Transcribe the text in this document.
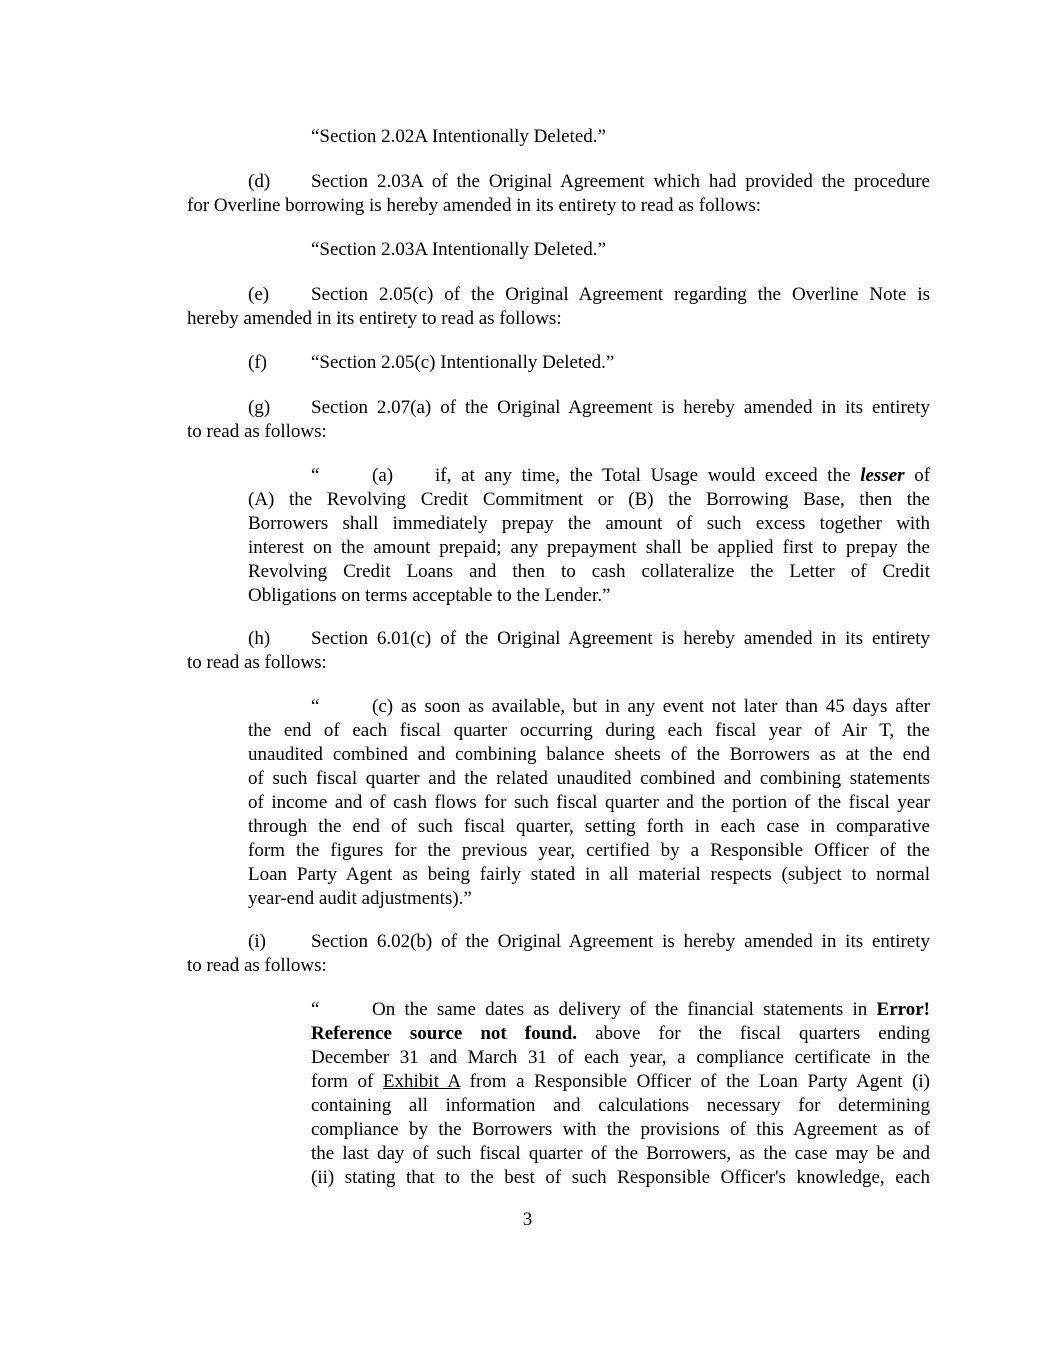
“Section 2.02A Intentionally Deleted.”
(d) Section 2.03A of the Original Agreement which had provided the procedure
for Overline borrowing is hereby amended in its entirety to read as follows:
“Section 2.03A Intentionally Deleted.”
(e) Section 2.05(c) of the Original Agreement regarding the Overline Note is
hereby amended in its entirety to read as follows:
(f) “Section 2.05(c) Intentionally Deleted.”
(g) Section 2.07(a) of the Original Agreement is hereby amended in its entirety
to read as follows:
“	(a) if, at any time, the Total Usage would exceed the lesser of
(A) the Revolving Credit Commitment or (B) the Borrowing Base, then the
Borrowers shall immediately prepay the amount of such excess together with
interest on the amount prepaid; any prepayment shall be applied first to prepay the
Revolving Credit Loans and then to cash collateralize the Letter of Credit
Obligations on terms acceptable to the Lender.”
(h) Section 6.01(c) of the Original Agreement is hereby amended in its entirety
to read as follows:
“	(c) as soon as available, but in any event not later than 45 days after
the end of each fiscal quarter occurring during each fiscal year of Air T, the
unaudited combined and combining balance sheets of the Borrowers as at the end
of such fiscal quarter and the related unaudited combined and combining statements
of income and of cash flows for such fiscal quarter and the portion of the fiscal year
through the end of such fiscal quarter, setting forth in each case in comparative
form the figures for the previous year, certified by a Responsible Officer of the
Loan Party Agent as being fairly stated in all material respects (subject to normal
year-end audit adjustments).”
(i) Section 6.02(b) of the Original Agreement is hereby amended in its entirety
to read as follows:
“	On the same dates as delivery of the financial statements in Error!
Reference source not found. above for the fiscal quarters ending
December 31 and March 31 of each year, a compliance certificate in the
form of Exhibit A from a Responsible Officer of the Loan Party Agent (i)
containing all information and calculations necessary for determining
compliance by the Borrowers with the provisions of this Agreement as of
the last day of such fiscal quarter of the Borrowers, as the case may be and
(ii) stating that to the best of such Responsible Officer's knowledge, each
3
